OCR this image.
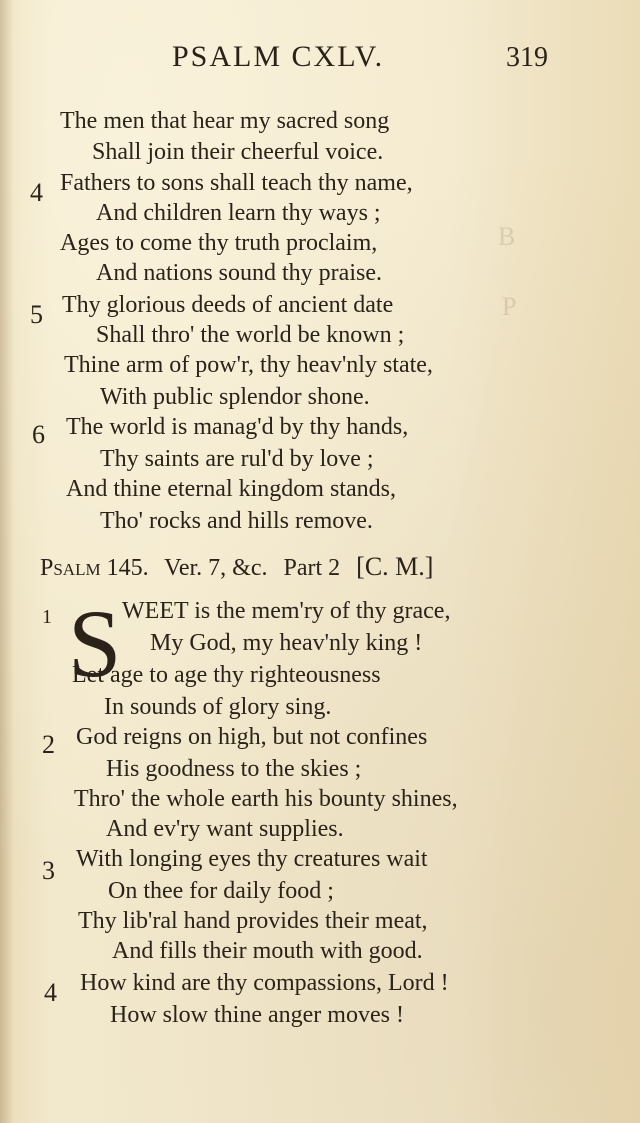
B
P
PSALM CXLV.	319
The men that hear my sacred song
Shall join their cheerful voice.
4 Fathers to sons shall teach thy name,
And children learn thy ways ;
Ages to come thy truth proclaim,
And nations sound thy praise.
5 Thy glorious deeds of ancient date
Shall thro' the world be known ;
Thine arm of pow'r, thy heav'nly state,
With public splendor shone.
6 The world is manag'd by thy hands,
Thy saints are rul'd by love ;
And thine eternal kingdom stands,
Tho' rocks and hills remove.
Psalm 145. Ver. 7, &c. Part 2 [C. M.]
S
1	WEET is the mem'ry of thy grace,
My God, my heav'nly king !
Let age to age thy righteousness
In sounds of glory sing.
2 God reigns on high, but not confines
His goodness to the skies ;
Thro' the whole earth his bounty shines,
And ev'ry want supplies.
3 With longing eyes thy creatures wait
On thee for daily food ;
Thy lib'ral hand provides their meat,
And fills their mouth with good.
4 How kind are thy compassions, Lord !
How slow thine anger moves !
